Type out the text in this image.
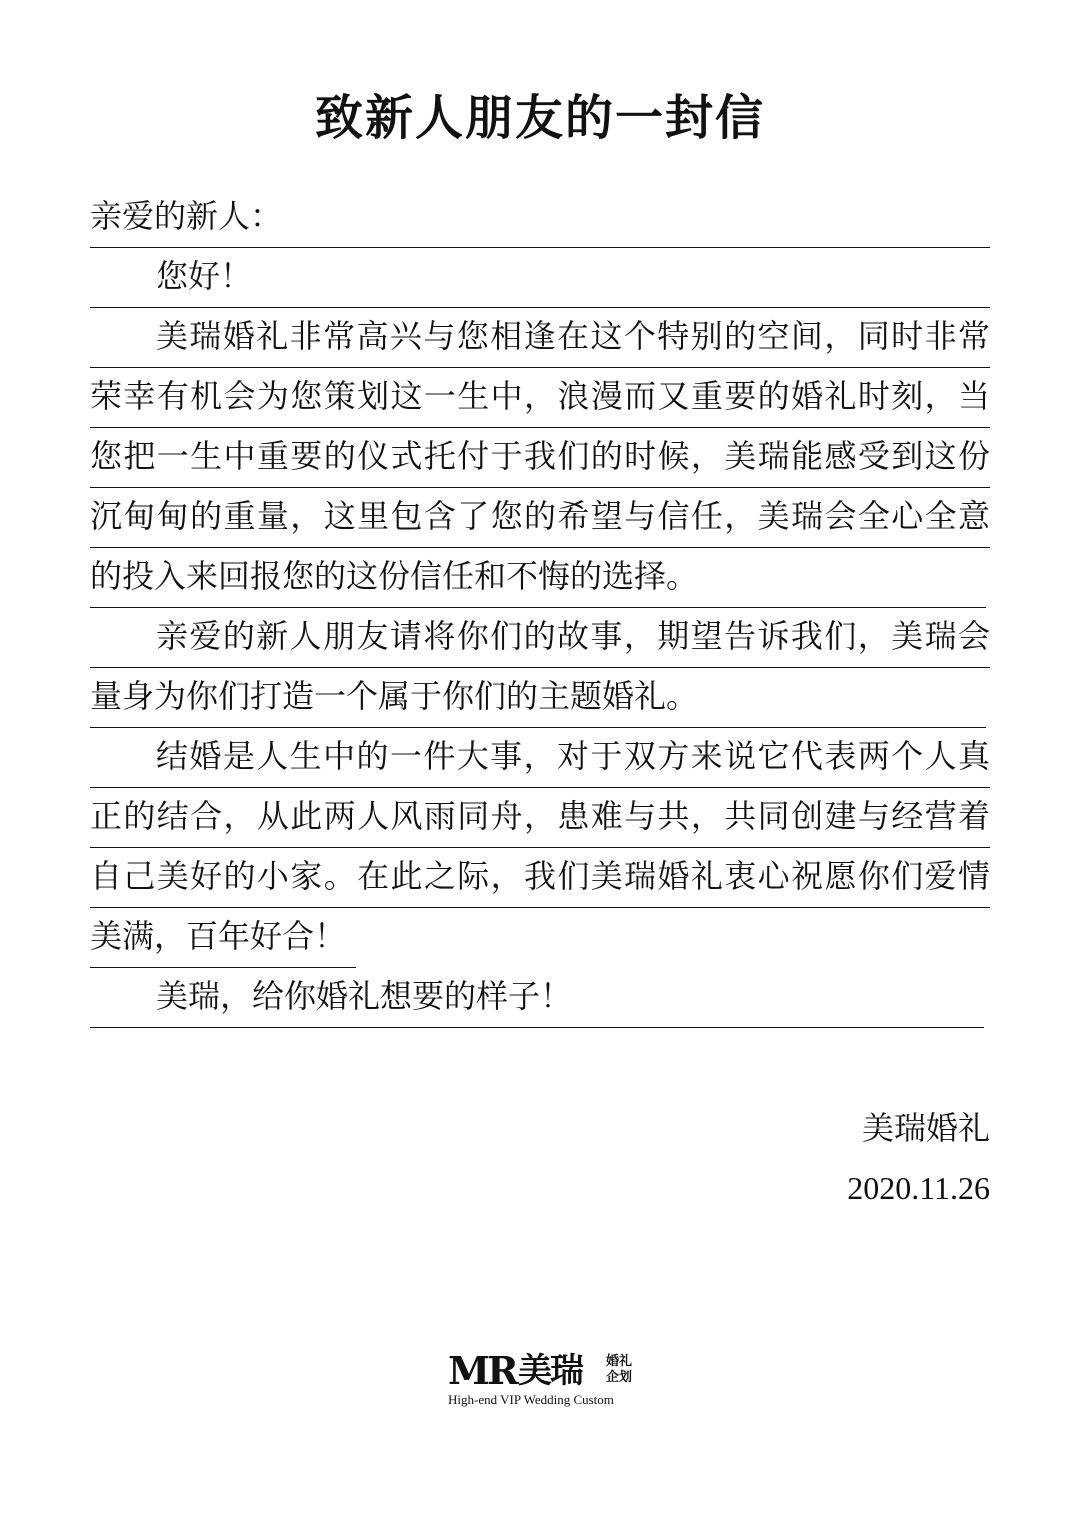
致新人朋友的一封信
亲爱的新人：
您好！
美瑞婚礼非常高兴与您相逢在这个特别的空间，同时非常
荣幸有机会为您策划这一生中，浪漫而又重要的婚礼时刻，当
您把一生中重要的仪式托付于我们的时候，美瑞能感受到这份
沉甸甸的重量，这里包含了您的希望与信任，美瑞会全心全意
的投入来回报您的这份信任和不悔的选择。
亲爱的新人朋友请将你们的故事，期望告诉我们，美瑞会
量身为你们打造一个属于你们的主题婚礼。
结婚是人生中的一件大事，对于双方来说它代表两个人真
正的结合，从此两人风雨同舟，患难与共，共同创建与经营着
自己美好的小家。在此之际，我们美瑞婚礼衷心祝愿你们爱情
美满，百年好合！
美瑞，给你婚礼想要的样子！
美瑞婚礼
2020.11.26
MR 美瑞 婚礼企划
High-end VIP Wedding Custom
